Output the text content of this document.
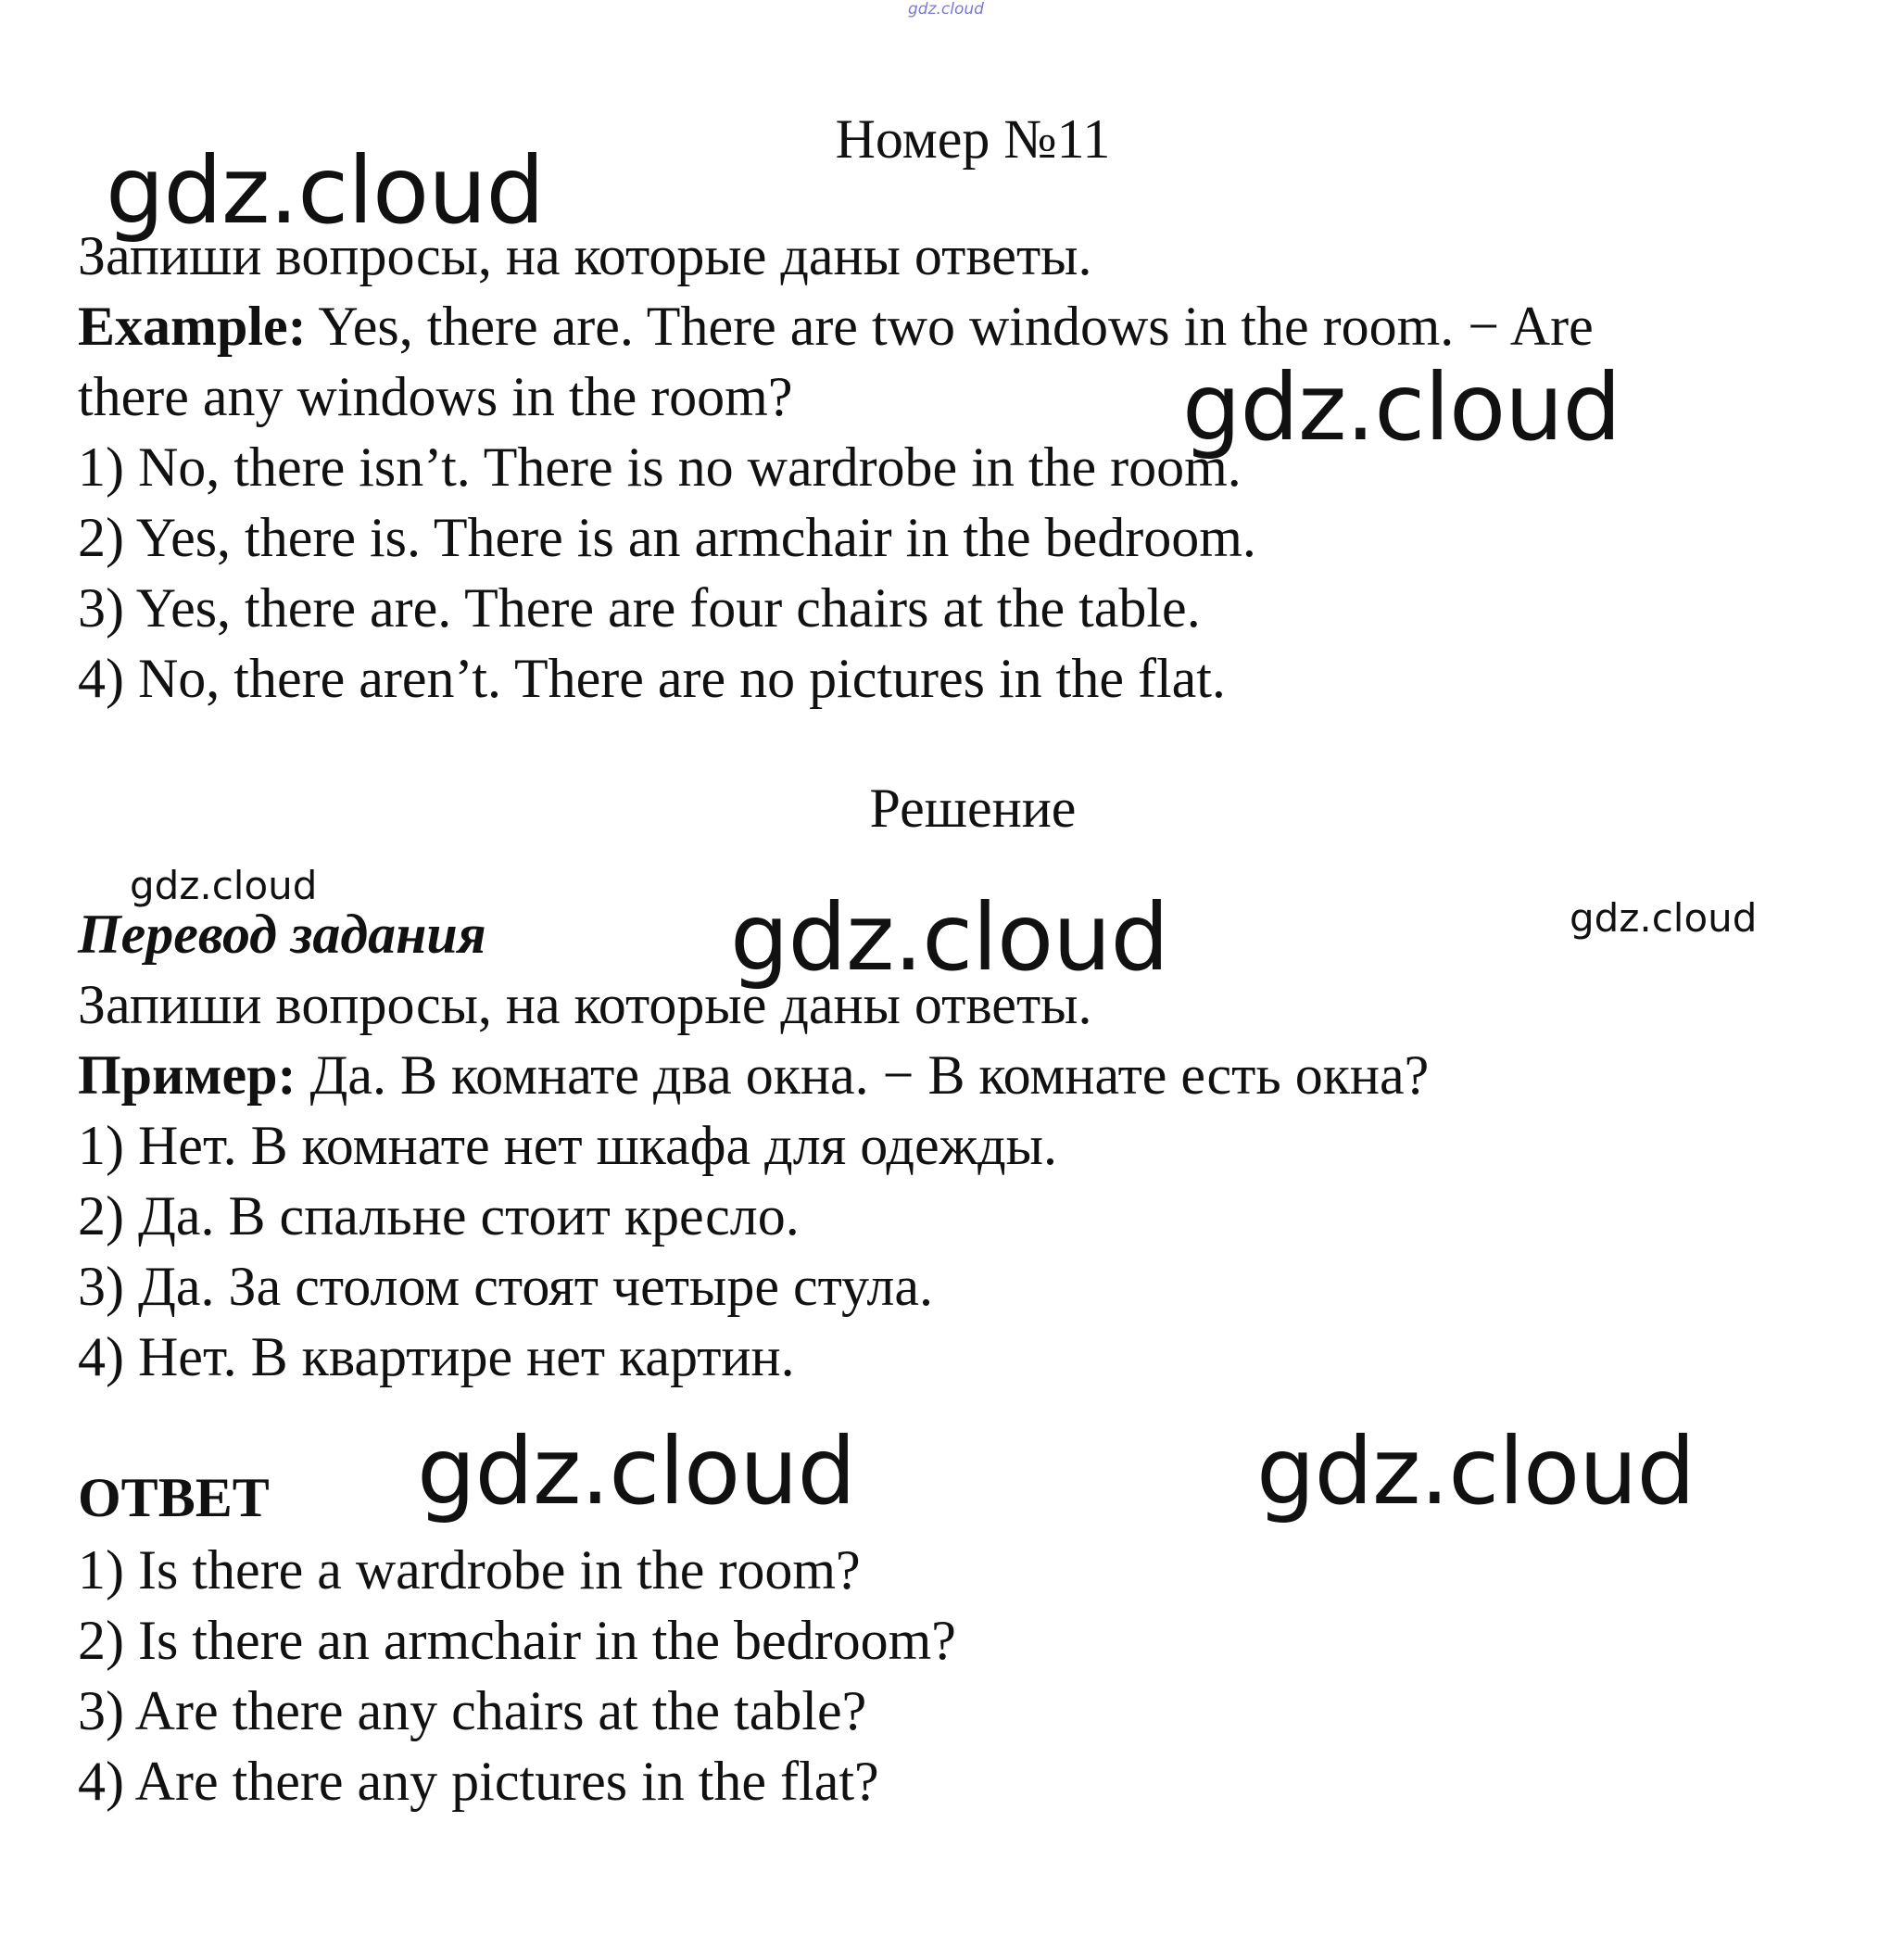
gdz.cloud
Номер №11
Запиши вопросы, на которые даны ответы.
Example: Yes, there are. There are two windows in the room. − Are
there any windows in the room?
1) No, there isn’t. There is no wardrobe in the room.
2) Yes, there is. There is an armchair in the bedroom.
3) Yes, there are. There are four chairs at the table.
4) No, there aren’t. There are no pictures in the flat.
Решение
Перевод задания
Запиши вопросы, на которые даны ответы.
Пример: Да. В комнате два окна. − В комнате есть окна?
1) Нет. В комнате нет шкафа для одежды.
2) Да. В спальне стоит кресло.
3) Да. За столом стоят четыре стула.
4) Нет. В квартире нет картин.
ОТВЕТ
1) Is there a wardrobe in the room?
2) Is there an armchair in the bedroom?
3) Are there any chairs at the table?
4) Are there any pictures in the flat?
gdz.cloud
gdz.cloud
gdz.cloud	gdz.cloud	gdz.cloud
gdz.cloud	gdz.cloud
